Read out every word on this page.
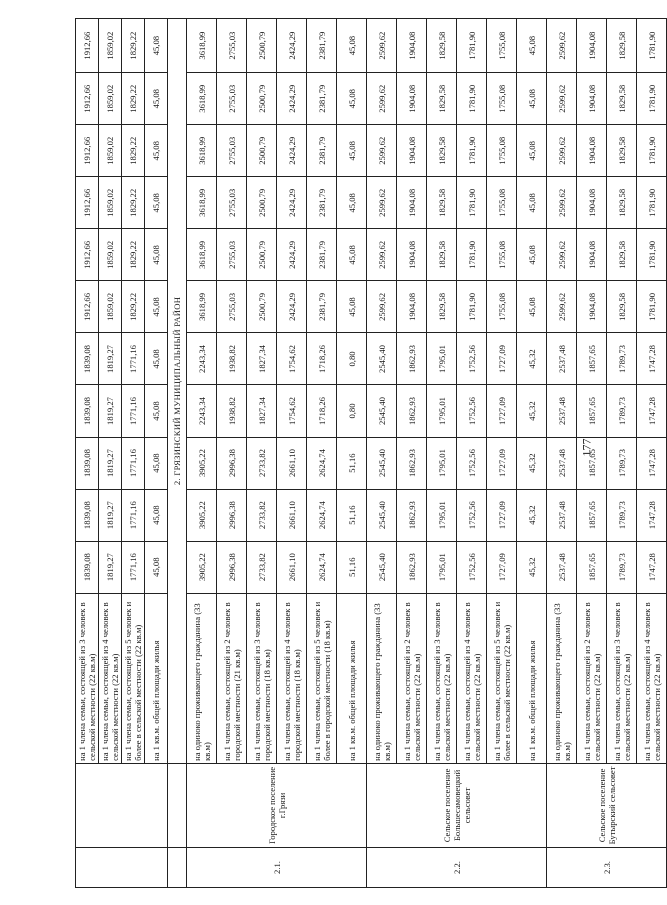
		на 1 члена семьи, состоящей из 3 человек в сельской местности (22 кв.м)	1839,08	1839,08	1839,08	1839,08	1839,08	1912,66	1912,66	1912,66	1912,66	1912,66	1912,66
		на 1 члена семьи, состоящей из 4 человек в сельской местности (22 кв.м)	1819,27	1819,27	1819,27	1819,27	1819,27	1859,02	1859,02	1859,02	1859,02	1859,02	1859,02
		на 1 члена семьи, состоящей из 5 человек и более в сельской местности (22 кв.м)	1771,16	1771,16	1771,16	1771,16	1771,16	1829,22	1829,22	1829,22	1829,22	1829,22	1829,22
		на 1 кв.м. общей площади жилья	45,08	45,08	45,08	45,08	45,08	45,08	45,08	45,08	45,08	45,08	45,08
		2. ГРЯЗИНСКИЙ МУНИЦИПАЛЬНЫЙ РАЙОН											
2.1.	Городское поселение г.Грязи	на одиноко проживающего гражданина (33 кв.м)	3905,22	3905,22	3905,22	2243,34	2243,34	3618,99	3618,99	3618,99	3618,99	3618,99	3618,99
		на 1 члена семьи, состоящей из 2 человек в городской местности (21 кв.м)	2996,38	2996,38	2996,38	1938,82	1938,82	2755,03	2755,03	2755,03	2755,03	2755,03	2755,03
		на 1 члена семьи, состоящей из 3 человек в городской местности (18 кв.м)	2733,82	2733,82	2733,82	1827,34	1827,34	2500,79	2500,79	2500,79	2500,79	2500,79	2500,79
		на 1 члена семьи, состоящей из 4 человек в городской местности (18 кв.м)	2661,10	2661,10	2661,10	1754,62	1754,62	2424,29	2424,29	2424,29	2424,29	2424,29	2424,29
		на 1 члена семьи, состоящей из 5 человек и более в городской местности (18 кв.м)	2624,74	2624,74	2624,74	1718,26	1718,26	2381,79	2381,79	2381,79	2381,79	2381,79	2381,79
		на 1 кв.м. общей площади жилья	51,16	51,16	51,16	0,80	0,80	45,08	45,08	45,08	45,08	45,08	45,08
2.2.	Сельское поселение Большесамовецкий сельсовет	на одиноко проживающего гражданина (33 кв.м)	2545,40	2545,40	2545,40	2545,40	2545,40	2599,62	2599,62	2599,62	2599,62	2599,62	2599,62
		на 1 члена семьи, состоящей из 2 человек в сельской местности (22 кв.м)	1862,93	1862,93	1862,93	1862,93	1862,93	1904,08	1904,08	1904,08	1904,08	1904,08	1904,08
		на 1 члена семьи, состоящей из 3 человек в сельской местности (22 кв.м)	1795,01	1795,01	1795,01	1795,01	1795,01	1829,58	1829,58	1829,58	1829,58	1829,58	1829,58
		на 1 члена семьи, состоящей из 4 человек в сельской местности (22 кв.м)	1752,56	1752,56	1752,56	1752,56	1752,56	1781,90	1781,90	1781,90	1781,90	1781,90	1781,90
		на 1 члена семьи, состоящей из 5 человек и более в сельской местности (22 кв.м)	1727,09	1727,09	1727,09	1727,09	1727,09	1755,08	1755,08	1755,08	1755,08	1755,08	1755,08
		на 1 кв.м. общей площади жилья	45,32	45,32	45,32	45,32	45,32	45,08	45,08	45,08	45,08	45,08	45,08
2.3.	Сельское поселение Бутырский сельсовет	на одиноко проживающего гражданина (33 кв.м)	2537,48	2537,48	2537,48	2537,48	2537,48	2599,62	2599,62	2599,62	2599,62	2599,62	2599,62
		на 1 члена семьи, состоящей из 2 человек в сельской местности (22 кв.м)	1857,65	1857,65	1857,65	1857,65	1857,65	1904,08	1904,08	1904,08	1904,08	1904,08	1904,08
		на 1 члена семьи, состоящей из 3 человек в сельской местности (22 кв.м)	1789,73	1789,73	1789,73	1789,73	1789,73	1829,58	1829,58	1829,58	1829,58	1829,58	1829,58
		на 1 члена семьи, состоящей из 4 человек в сельской местности (22 кв.м)	1747,28	1747,28	1747,28	1747,28	1747,28	1781,90	1781,90	1781,90	1781,90	1781,90	1781,90
177
